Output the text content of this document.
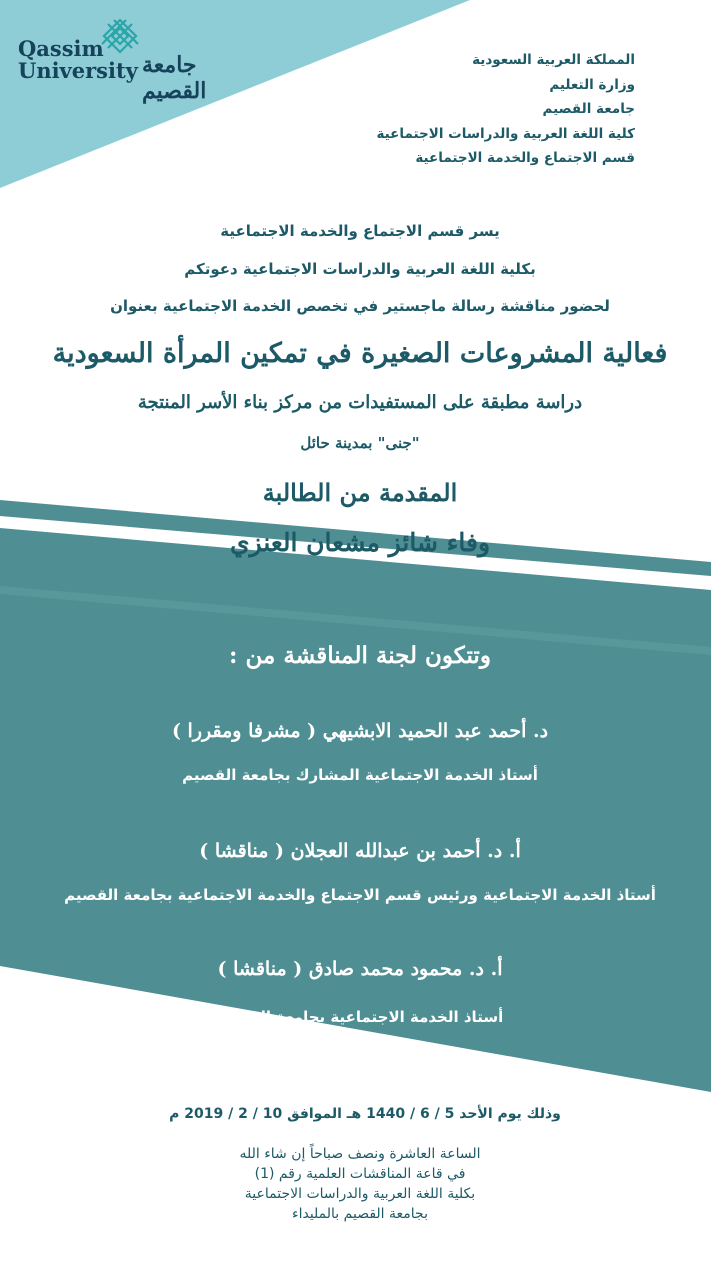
Qassim
University جامعة القصيم
المملكة العربية السعودية
وزارة التعليم
جامعة القصيم
كلية اللغة العربية والدراسات الاجتماعية
قسم الاجتماع والخدمة الاجتماعية
يسر قسم الاجتماع والخدمة الاجتماعية
بكلية اللغة العربية والدراسات الاجتماعية دعوتكم
لحضور مناقشة رسالة ماجستير في تخصص الخدمة الاجتماعية بعنوان
فعالية المشروعات الصغيرة في تمكين المرأة السعودية
دراسة مطبقة على المستفيدات من مركز بناء الأسر المنتجة
"جنى" بمدينة حائل
المقدمة من الطالبة
وفاء شائز مشعان العنزي
وتتكون لجنة المناقشة من :
د. أحمد عبد الحميد الابشيهي ( مشرفا ومقررا )
أستاذ الخدمة الاجتماعية المشارك بجامعة القصيم
أ. د. أحمد بن عبدالله العجلان ( مناقشا )
أستاذ الخدمة الاجتماعية ورئيس قسم الاجتماع والخدمة الاجتماعية بجامعة القصيم
أ. د. محمود محمد صادق ( مناقشا )
أستاذ الخدمة الاجتماعية بجامعة القصيم
وذلك يوم الأحد 5 / 6 / 1440 هـ الموافق 10 / 2 / 2019 م
الساعة العاشرة ونصف صباحاً إن شاء الله
في قاعة المناقشات العلمية رقم (1)
بكلية اللغة العربية والدراسات الاجتماعية
بجامعة القصيم بالمليداء
